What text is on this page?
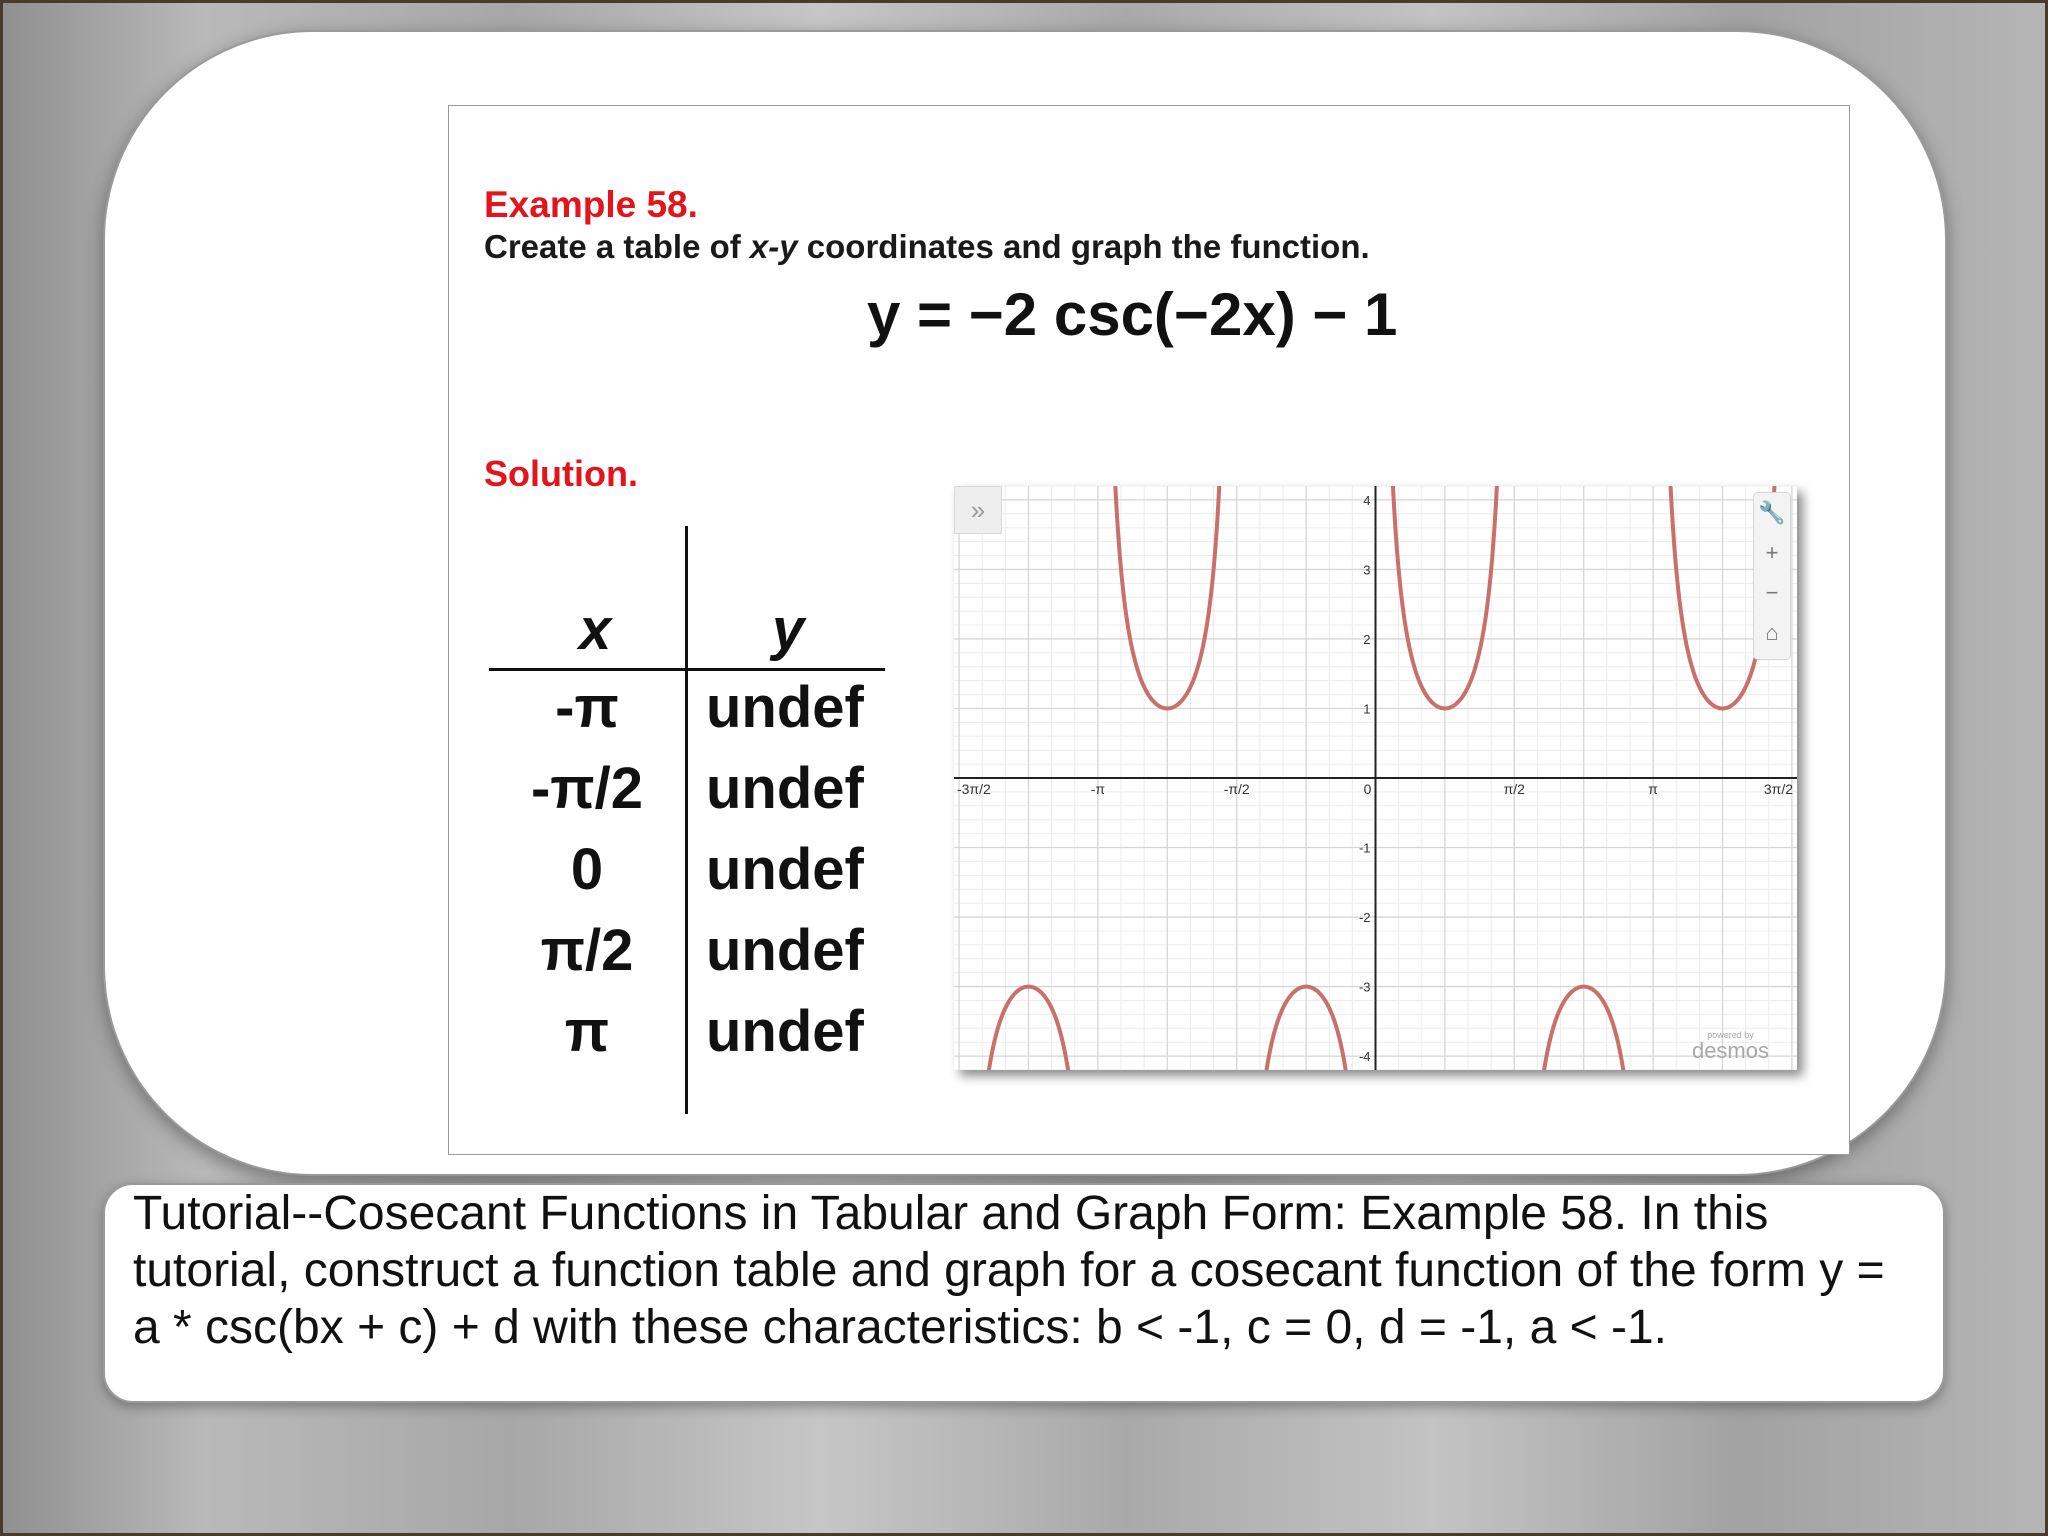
Example 58.
Create a table of x-y coordinates and graph the function.
y = −2 csc(−2x) − 1
Solution.
x	y
-π	undef
-π/2	undef
0	undef
π/2	undef
π	undef
-3π/2	-π	-π/2	0	π/2	π	3π/2
-4
-3
-2
-1
1
2
3
4
»	🔧
+
−
⌂
powered by
desmos
Tutorial--Cosecant Functions in Tabular and Graph Form: Example 58. In this tutorial, construct a function table and graph for a cosecant function of the form y = a * csc(bx + c) + d with these characteristics: b < -1, c = 0, d = -1, a < -1.
